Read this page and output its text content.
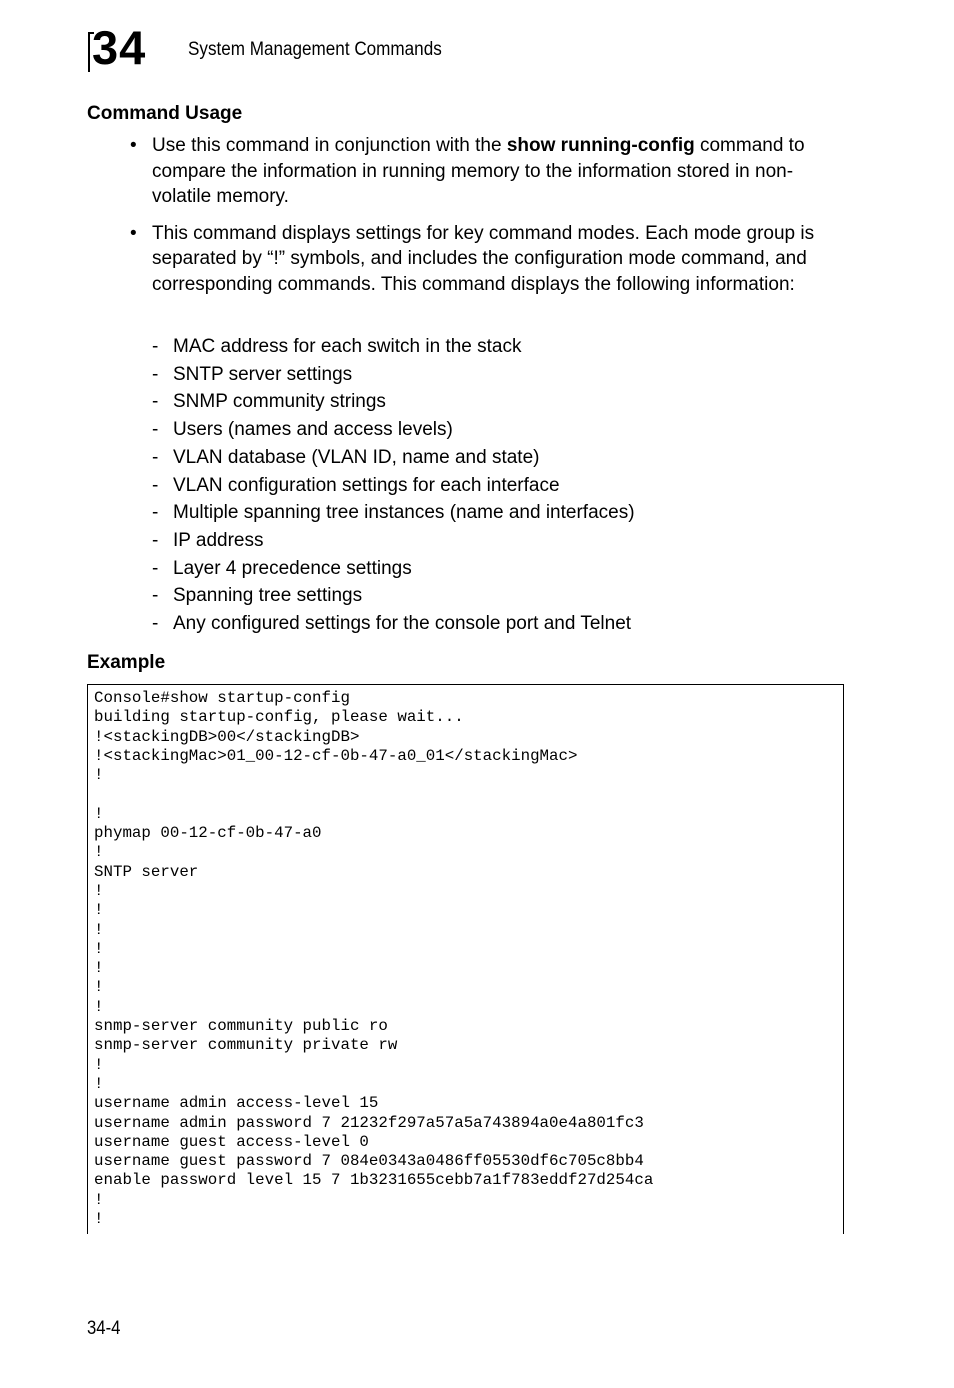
34 System Management Commands
Command Usage
• Use this command in conjunction with the show running-config command to compare the information in running memory to the information stored in non-volatile memory.
• This command displays settings for key command modes. Each mode group is separated by “!” symbols, and includes the configuration mode command, and corresponding commands. This command displays the following information:
- MAC address for each switch in the stack
- SNTP server settings
- SNMP community strings
- Users (names and access levels)
- VLAN database (VLAN ID, name and state)
- VLAN configuration settings for each interface
- Multiple spanning tree instances (name and interfaces)
- IP address
- Layer 4 precedence settings
- Spanning tree settings
- Any configured settings for the console port and Telnet
Example
Console#show startup-config
building startup-config, please wait...
!<stackingDB>00</stackingDB>
!<stackingMac>01_00-12-cf-0b-47-a0_01</stackingMac>
!
!
phymap 00-12-cf-0b-47-a0
!
SNTP server
!
!
!
!
!
!
!
snmp-server community public ro
snmp-server community private rw
!
!
username admin access-level 15
username admin password 7 21232f297a57a5a743894a0e4a801fc3
username guest access-level 0
username guest password 7 084e0343a0486ff05530df6c705c8bb4
enable password level 15 7 1b3231655cebb7a1f783eddf27d254ca
!
!
34-4
